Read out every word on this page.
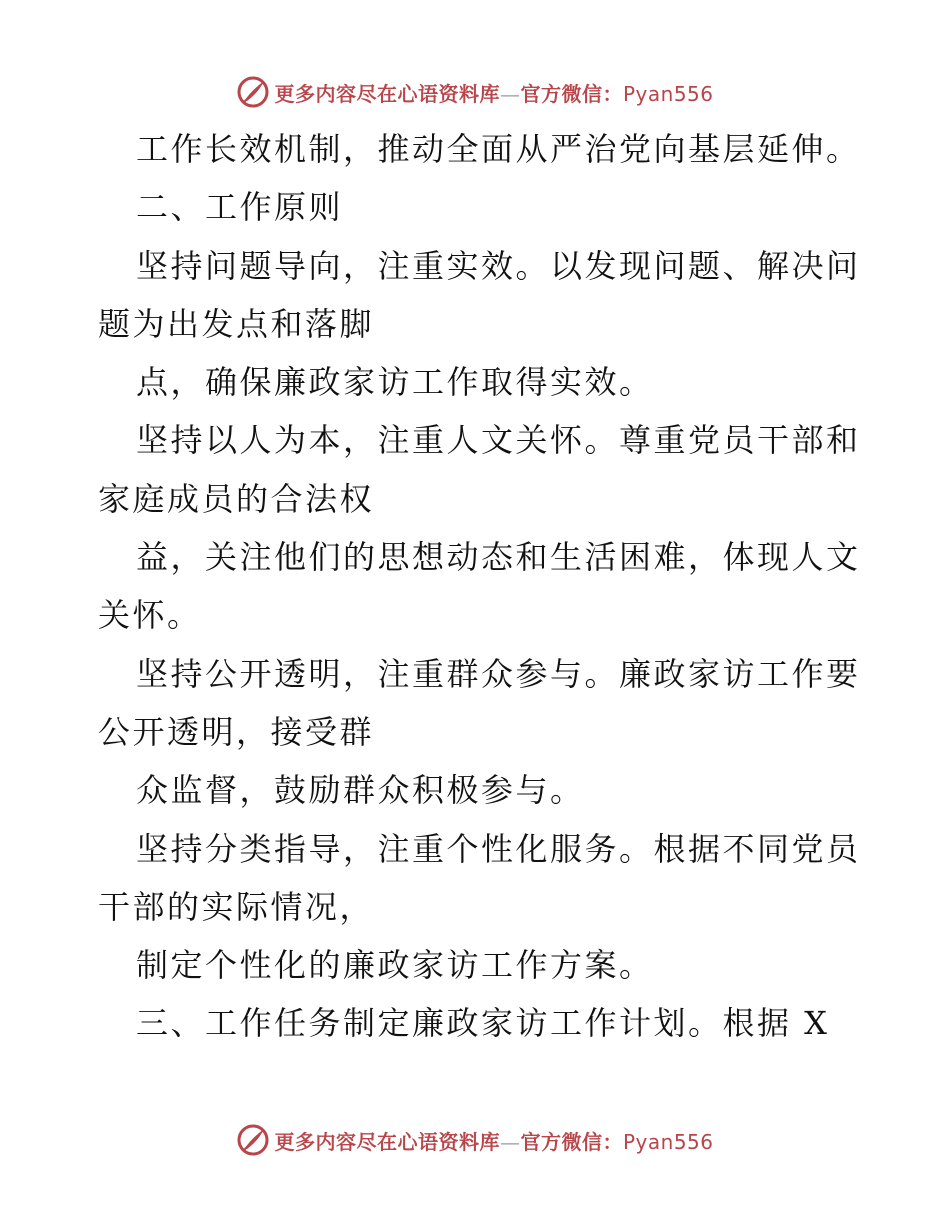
更多内容尽在心语资料库—官方微信：Pyan556
工作长效机制，推动全面从严治党向基层延伸。
二、工作原则
坚持问题导向，注重实效。以发现问题、解决问
题为出发点和落脚
点，确保廉政家访工作取得实效。
坚持以人为本，注重人文关怀。尊重党员干部和
家庭成员的合法权
益，关注他们的思想动态和生活困难，体现人文
关怀。
坚持公开透明，注重群众参与。廉政家访工作要
公开透明，接受群
众监督，鼓励群众积极参与。
坚持分类指导，注重个性化服务。根据不同党员
干部的实际情况，
制定个性化的廉政家访工作方案。
三、工作任务制定廉政家访工作计划。根据 X
更多内容尽在心语资料库—官方微信：Pyan556
